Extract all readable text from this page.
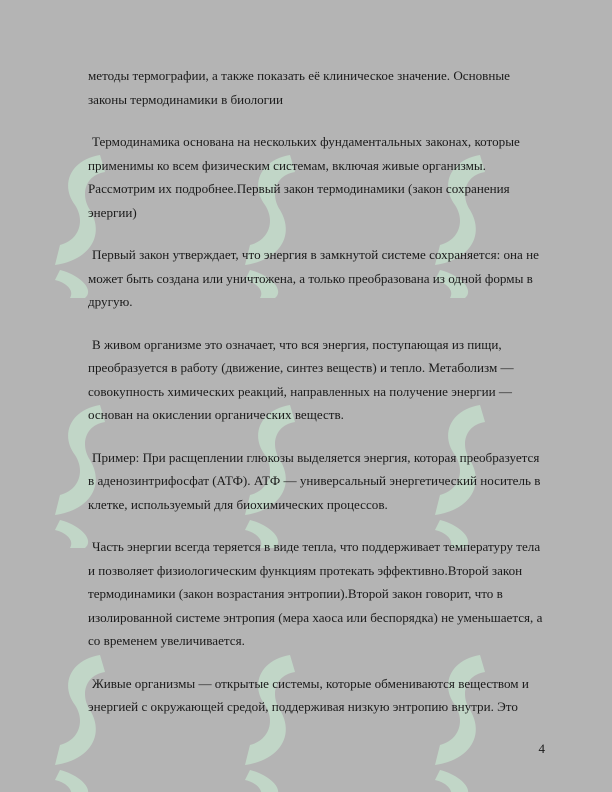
методы термографии, а также показать её клиническое значение. Основные законы термодинамики в биологии

Термодинамика основана на нескольких фундаментальных законах, которые применимы ко всем физическим системам, включая живые организмы. Рассмотрим их подробнее.Первый закон термодинамики (закон сохранения энергии)

Первый закон утверждает, что энергия в замкнутой системе сохраняется: она не может быть создана или уничтожена, а только преобразована из одной формы в другую.

В живом организме это означает, что вся энергия, поступающая из пищи, преобразуется в работу (движение, синтез веществ) и тепло. Метаболизм — совокупность химических реакций, направленных на получение энергии — основан на окислении органических веществ.

Пример: При расщеплении глюкозы выделяется энергия, которая преобразуется в аденозинтрифосфат (АТФ). АТФ — универсальный энергетический носитель в клетке, используемый для биохимических процессов.

Часть энергии всегда теряется в виде тепла, что поддерживает температуру тела и позволяет физиологическим функциям протекать эффективно.Второй закон термодинамики (закон возрастания энтропии).Второй закон говорит, что в изолированной системе энтропия (мера хаоса или беспорядка) не уменьшается, а со временем увеличивается.

Живые организмы — открытые системы, которые обмениваются веществом и энергией с окружающей средой, поддерживая низкую энтропию внутри. Это

4
